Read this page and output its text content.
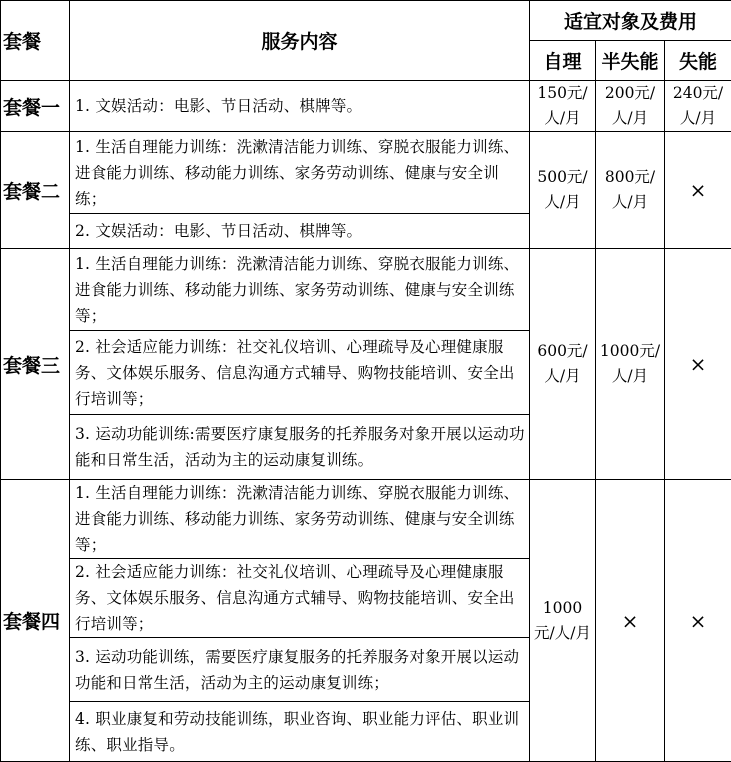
套餐	服务内容	适宜对象及费用		
		自理	半失能	失能
套餐一	1. 文娱活动：电影、节日活动、棋牌等。	150元/人/月	200元/人/月	240元/人/月
套餐二	1. 生活自理能力训练：洗漱清洁能力训练、穿脱衣服能力训练、进食能力训练、移动能力训练、家务劳动训练、健康与安全训练；	500元/人/月	800元/人/月	×
	2. 文娱活动：电影、节日活动、棋牌等。			
套餐三	1. 生活自理能力训练：洗漱清洁能力训练、穿脱衣服能力训练、进食能力训练、移动能力训练、家务劳动训练、健康与安全训练等；	600元/人/月	1000元/人/月	×
	2. 社会适应能力训练：社交礼仪培训、心理疏导及心理健康服务、文体娱乐服务、信息沟通方式辅导、购物技能培训、安全出行培训等；			
	3. 运动功能训练:需要医疗康复服务的托养服务对象开展以运动功能和日常生活，活动为主的运动康复训练。			
套餐四	1. 生活自理能力训练：洗漱清洁能力训练、穿脱衣服能力训练、进食能力训练、移动能力训练、家务劳动训练、健康与安全训练等；	1000 元/人/月	×	×
	2. 社会适应能力训练：社交礼仪培训、心理疏导及心理健康服务、文体娱乐服务、信息沟通方式辅导、购物技能培训、安全出行培训等；			
	3. 运动功能训练，需要医疗康复服务的托养服务对象开展以运动功能和日常生活，活动为主的运动康复训练；			
	4. 职业康复和劳动技能训练，职业咨询、职业能力评估、职业训练、职业指导。			
